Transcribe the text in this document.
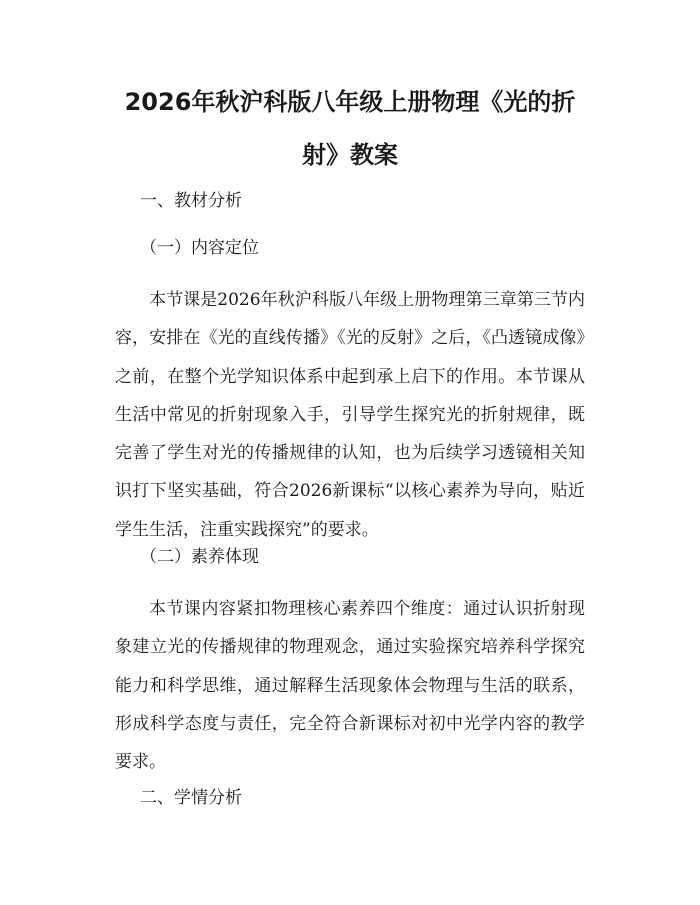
2026年秋沪科版八年级上册物理《光的折射》教案

一、教材分析

（一）内容定位

本节课是2026年秋沪科版八年级上册物理第三章第三节内容，安排在《光的直线传播》《光的反射》之后，《凸透镜成像》之前，在整个光学知识体系中起到承上启下的作用。本节课从生活中常见的折射现象入手，引导学生探究光的折射规律，既完善了学生对光的传播规律的认知，也为后续学习透镜相关知识打下坚实基础，符合2026新课标“以核心素养为导向，贴近学生生活，注重实践探究”的要求。

（二）素养体现

本节课内容紧扣物理核心素养四个维度：通过认识折射现象建立光的传播规律的物理观念，通过实验探究培养科学探究能力和科学思维，通过解释生活现象体会物理与生活的联系，形成科学态度与责任，完全符合新课标对初中光学内容的教学要求。

二、学情分析
